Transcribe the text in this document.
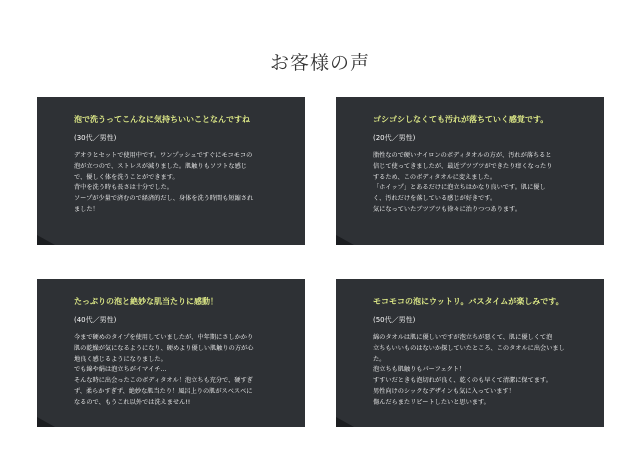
お客様の声
泡で洗うってこんなに気持ちいいことなんですね
(30代／男性)
デオラとセットで使用中です。ワンプッシュですぐにモコモコの
泡が立つので、ストレスが減りました。肌触りもソフトな感じ
で、優しく体を洗うことができます。
背中を洗う時も長さは十分でした。
ソープが少量で済むので経済的だし、身体を洗う時間も短縮され
ました！
ゴシゴシしなくても汚れが落ちていく感覚です。
(20代／男性)
脂性なので硬いナイロンのボディタオルの方が、汚れが落ちると
信じて使ってきましたが、最近ブツブツができたり痒くなったり
するため、このボディタオルに変えました。
「ホイップ」とあるだけに泡立ちはかなり良いです。肌に優し
く、汚れだけを落している感じが好きです。
気になっていたブツブツも徐々に治りつつあります。
たっぷりの泡と絶妙な肌当たりに感動！
(40代／男性)
今まで硬めのタイプを使用していましたが、中年期にさしかかり
肌の乾燥が気になるようになり、硬めより優しい肌触りの方が心
地良く感じるようになりました。
でも綿や絹は泡立ちがイマイチ…
そんな時に出会ったこのボディタオル！泡立ちも充分で、硬すぎ
ず、柔らかすぎず、絶妙な肌当たり！風呂上りの肌がスベスベに
なるので、もうこれ以外では洗えません!!
モコモコの泡にウットリ。バスタイムが楽しみです。
(50代／男性)
綿のタオルは肌に優しいですが泡立ちが悪くて、肌に優しくて泡
立ちもいいものはないか探していたところ、このタオルに出会いまし
た。
泡立ちも肌触りもパーフェクト！
すすいだときも泡切れが良く、乾くのも早くて清潔に保てます。
男性向けのシックなデザインも気に入っています！
傷んだらまたリピートしたいと思います。
